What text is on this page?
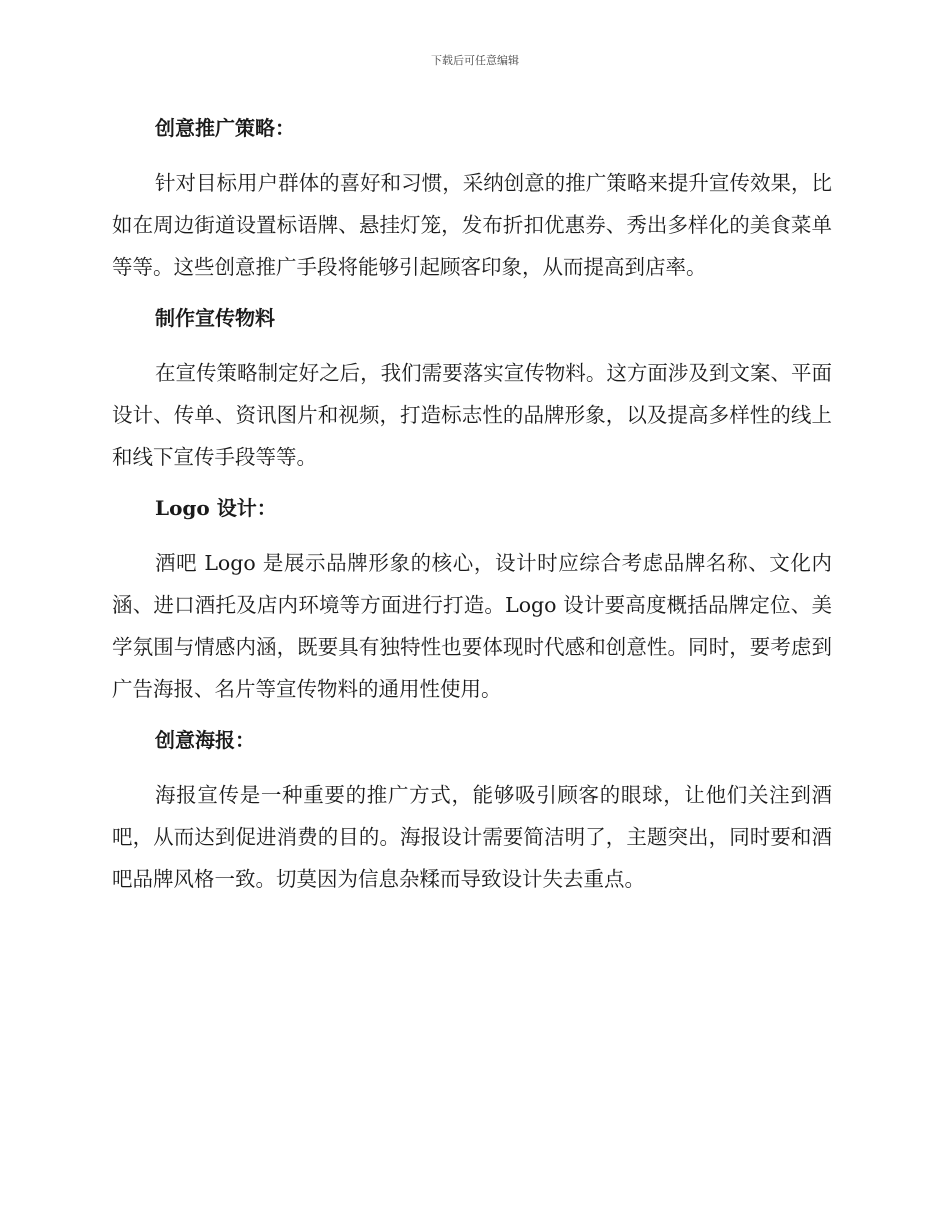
下载后可任意编辑

创意推广策略：

针对目标用户群体的喜好和习惯，采纳创意的推广策略来提升宣传效果，比如在周边街道设置标语牌、悬挂灯笼，发布折扣优惠券、秀出多样化的美食菜单等等。这些创意推广手段将能够引起顾客印象，从而提高到店率。

制作宣传物料

在宣传策略制定好之后，我们需要落实宣传物料。这方面涉及到文案、平面设计、传单、资讯图片和视频，打造标志性的品牌形象，以及提高多样性的线上和线下宣传手段等等。

Logo 设计：

酒吧 Logo 是展示品牌形象的核心，设计时应综合考虑品牌名称、文化内涵、进口酒托及店内环境等方面进行打造。Logo 设计要高度概括品牌定位、美学氛围与情感内涵，既要具有独特性也要体现时代感和创意性。同时，要考虑到广告海报、名片等宣传物料的通用性使用。

创意海报：

海报宣传是一种重要的推广方式，能够吸引顾客的眼球，让他们关注到酒吧，从而达到促进消费的目的。海报设计需要简洁明了，主题突出，同时要和酒吧品牌风格一致。切莫因为信息杂糅而导致设计失去重点。
